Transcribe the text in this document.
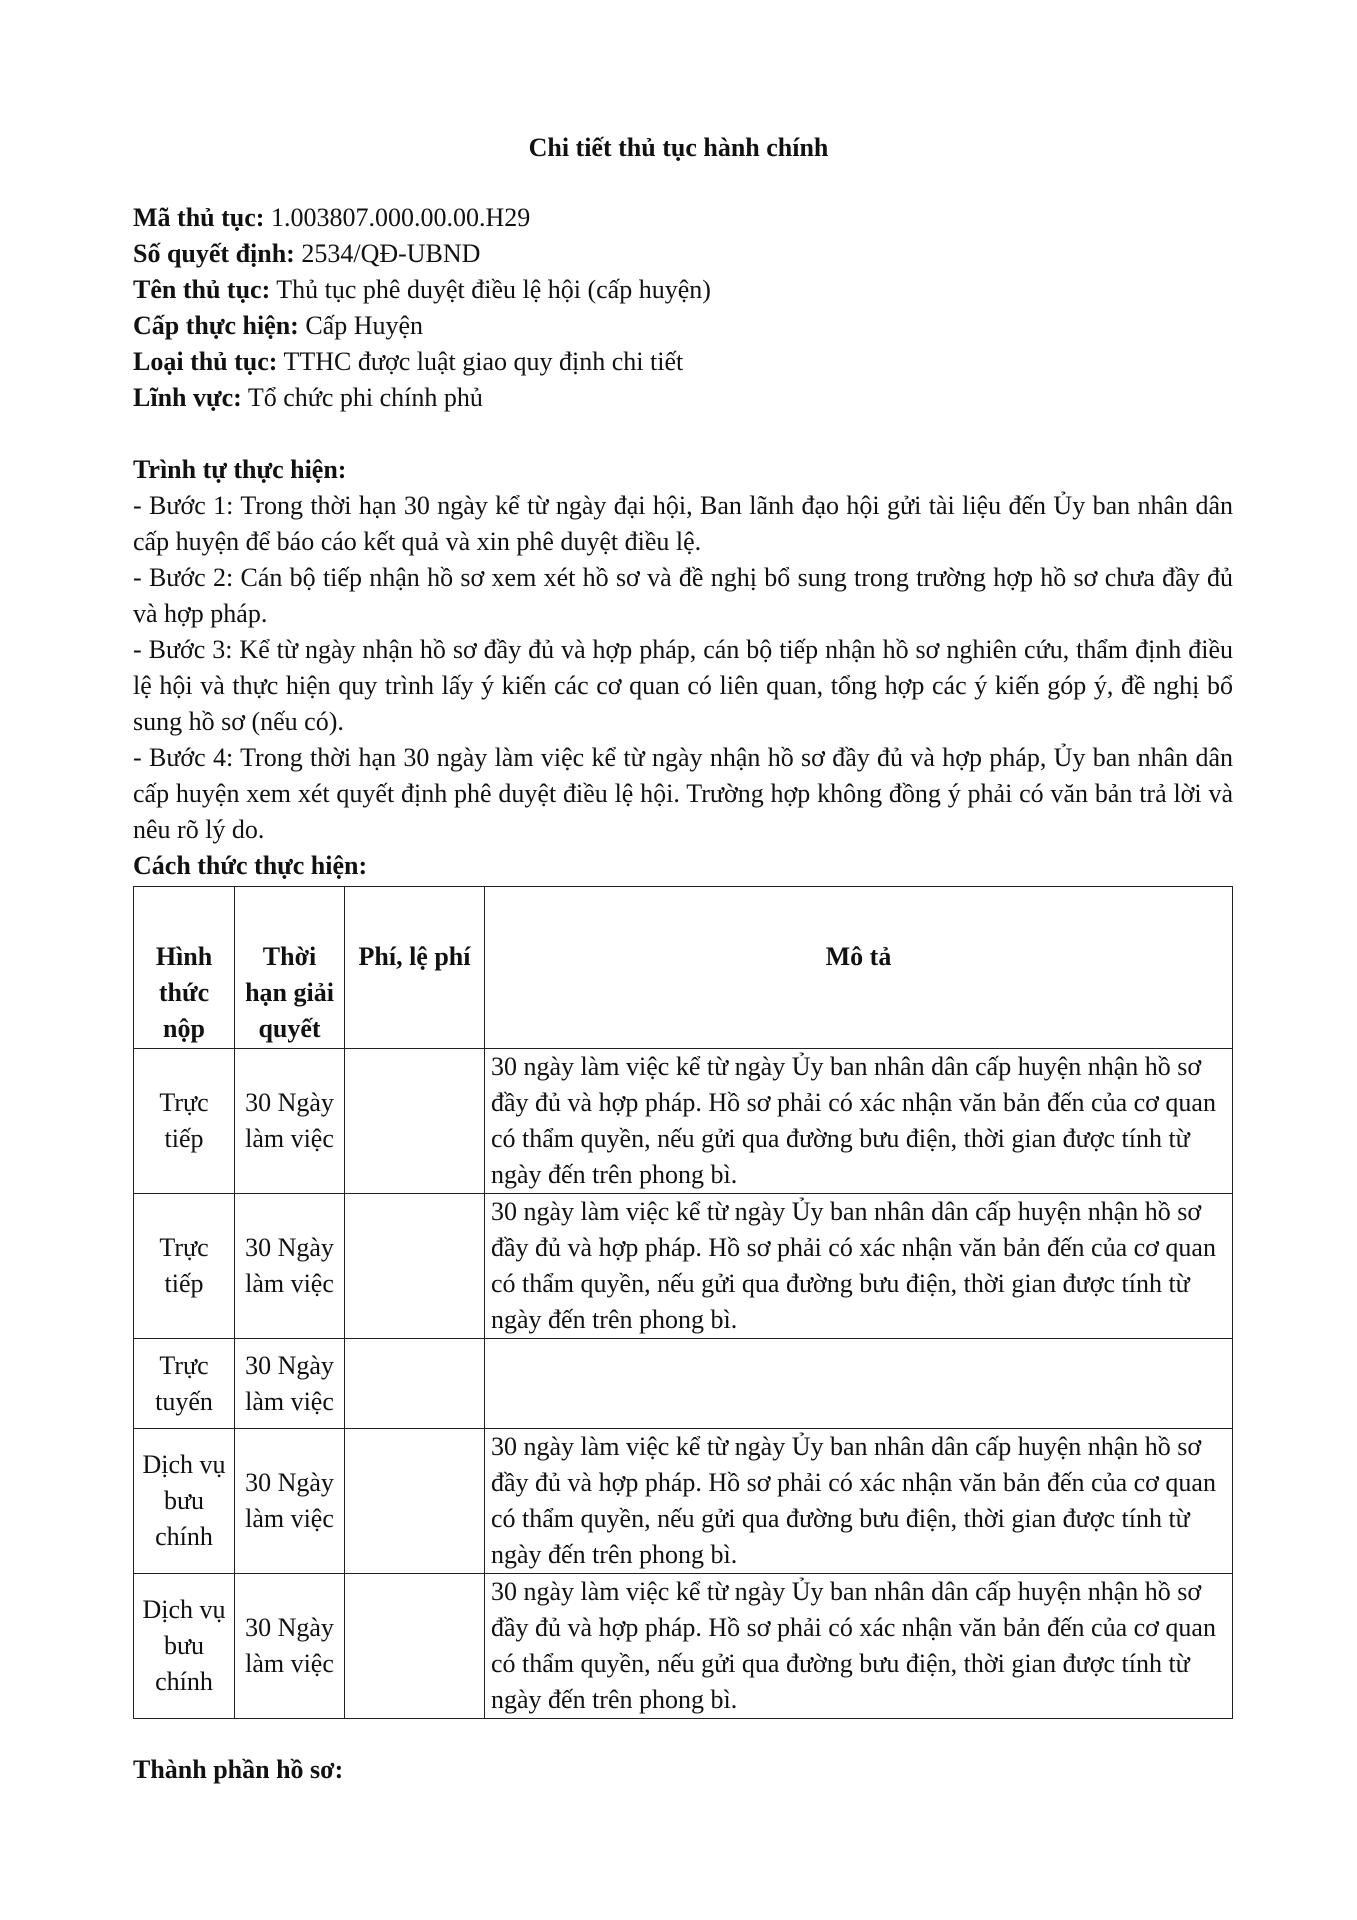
Chi tiết thủ tục hành chính
Mã thủ tục: 1.003807.000.00.00.H29
Số quyết định: 2534/QĐ-UBND
Tên thủ tục: Thủ tục phê duyệt điều lệ hội (cấp huyện)
Cấp thực hiện: Cấp Huyện
Loại thủ tục: TTHC được luật giao quy định chi tiết
Lĩnh vực: Tổ chức phi chính phủ

Trình tự thực hiện:

- Bước 1: Trong thời hạn 30 ngày kể từ ngày đại hội, Ban lãnh đạo hội gửi tài liệu đến Ủy ban nhân dân cấp huyện để báo cáo kết quả và xin phê duyệt điều lệ.

- Bước 2: Cán bộ tiếp nhận hồ sơ xem xét hồ sơ và đề nghị bổ sung trong trường hợp hồ sơ chưa đầy đủ và hợp pháp.

- Bước 3: Kể từ ngày nhận hồ sơ đầy đủ và hợp pháp, cán bộ tiếp nhận hồ sơ nghiên cứu, thẩm định điều lệ hội và thực hiện quy trình lấy ý kiến các cơ quan có liên quan, tổng hợp các ý kiến góp ý, đề nghị bổ sung hồ sơ (nếu có).

- Bước 4: Trong thời hạn 30 ngày làm việc kể từ ngày nhận hồ sơ đầy đủ và hợp pháp, Ủy ban nhân dân cấp huyện xem xét quyết định phê duyệt điều lệ hội. Trường hợp không đồng ý phải có văn bản trả lời và nêu rõ lý do.

Cách thức thực hiện:
Hình thức nộp	Thời hạn giải quyết	Phí, lệ phí	Mô tả
Trực tiếp	30 Ngày làm việc		30 ngày làm việc kể từ ngày Ủy ban nhân dân cấp huyện nhận hồ sơ đầy đủ và hợp pháp. Hồ sơ phải có xác nhận văn bản đến của cơ quan có thẩm quyền, nếu gửi qua đường bưu điện, thời gian được tính từ ngày đến trên phong bì.
Trực tiếp	30 Ngày làm việc		30 ngày làm việc kể từ ngày Ủy ban nhân dân cấp huyện nhận hồ sơ đầy đủ và hợp pháp. Hồ sơ phải có xác nhận văn bản đến của cơ quan có thẩm quyền, nếu gửi qua đường bưu điện, thời gian được tính từ ngày đến trên phong bì.
Trực tuyến	30 Ngày làm việc		
Dịch vụ bưu chính	30 Ngày làm việc		30 ngày làm việc kể từ ngày Ủy ban nhân dân cấp huyện nhận hồ sơ đầy đủ và hợp pháp. Hồ sơ phải có xác nhận văn bản đến của cơ quan có thẩm quyền, nếu gửi qua đường bưu điện, thời gian được tính từ ngày đến trên phong bì.
Dịch vụ bưu chính	30 Ngày làm việc		30 ngày làm việc kể từ ngày Ủy ban nhân dân cấp huyện nhận hồ sơ đầy đủ và hợp pháp. Hồ sơ phải có xác nhận văn bản đến của cơ quan có thẩm quyền, nếu gửi qua đường bưu điện, thời gian được tính từ ngày đến trên phong bì.
Thành phần hồ sơ:
